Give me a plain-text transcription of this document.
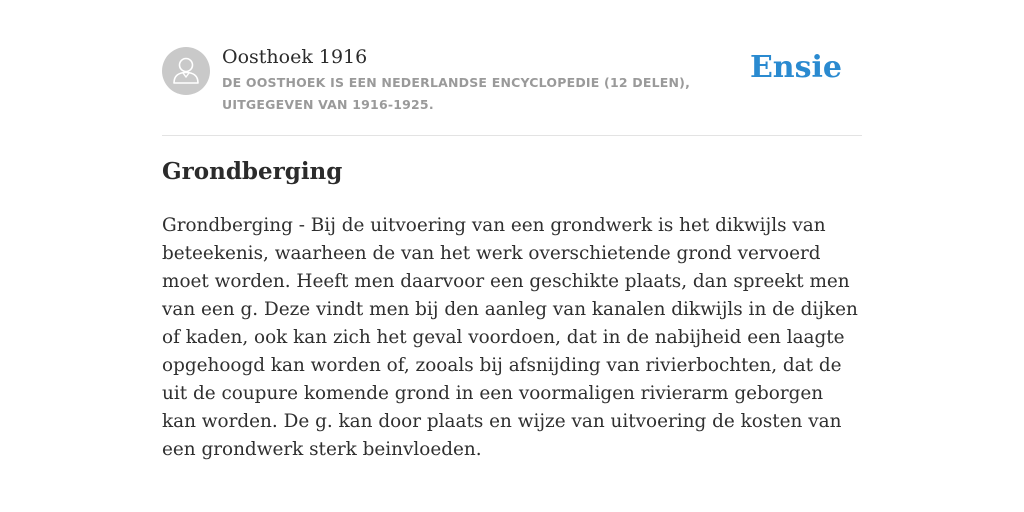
Oosthoek 1916
DE OOSTHOEK IS EEN NEDERLANDSE ENCYCLOPEDIE (12 DELEN), UITGEGEVEN VAN 1916-1925.
Ensie
Grondberging

Grondberging - Bij de uitvoering van een grondwerk is het dikwijls van beteekenis, waarheen de van het werk overschietende grond vervoerd moet worden. Heeft men daarvoor een geschikte plaats, dan spreekt men van een g. Deze vindt men bij den aanleg van kanalen dikwijls in de dijken of kaden, ook kan zich het geval voordoen, dat in de nabijheid een laagte opgehoogd kan worden of, zooals bij afsnijding van rivierbochten, dat de uit de coupure komende grond in een voormaligen rivierarm geborgen kan worden. De g. kan door plaats en wijze van uitvoering de kosten van een grondwerk sterk beinvloeden.
